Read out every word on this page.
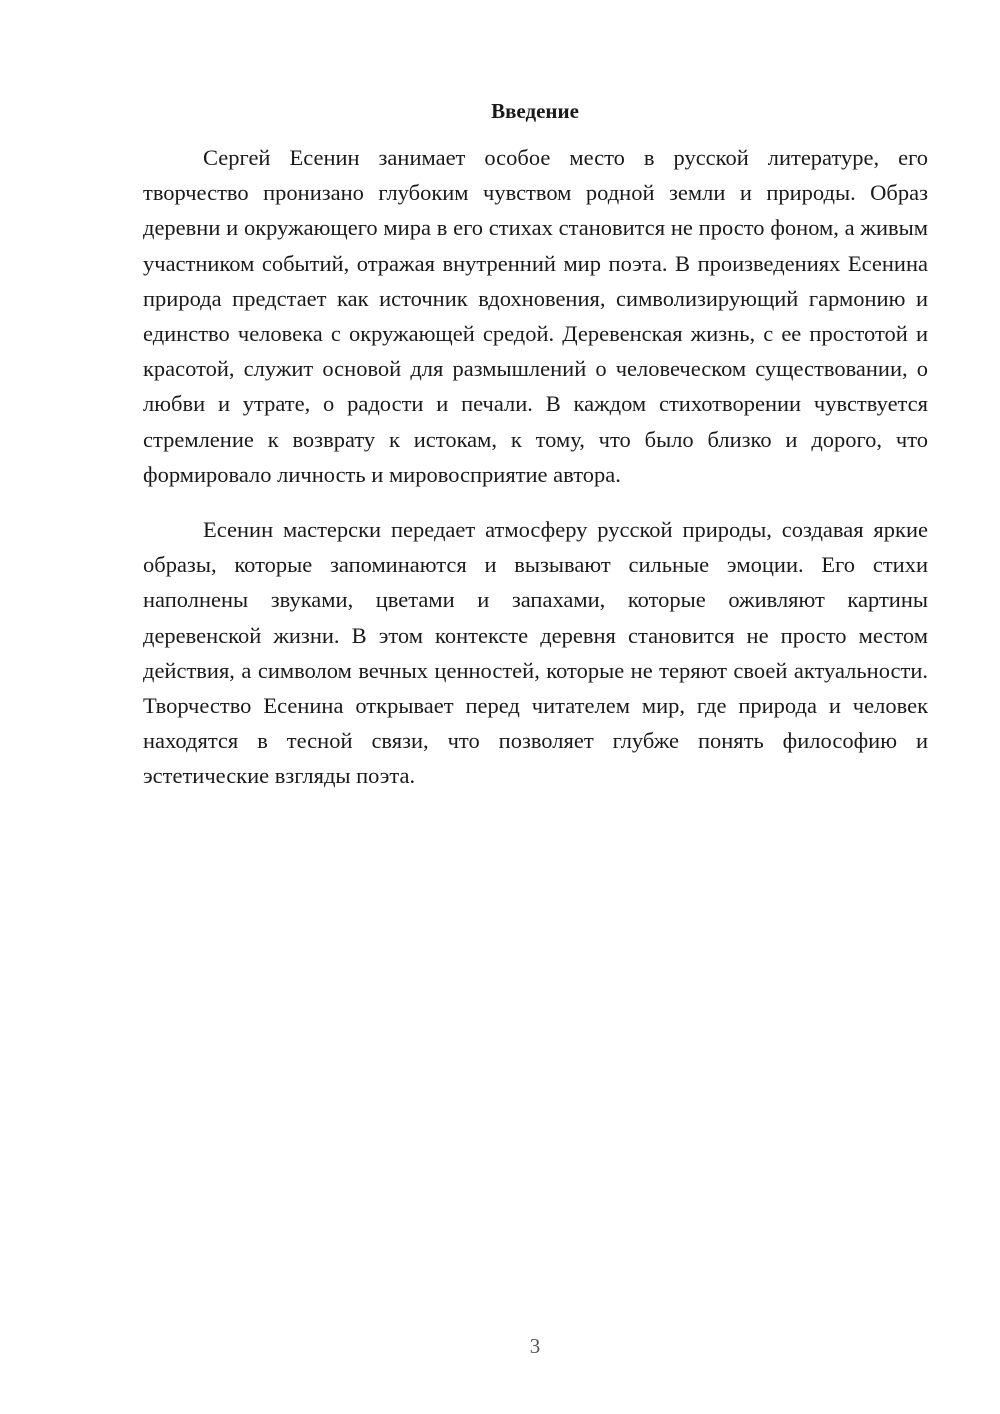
Введение

Сергей Есенин занимает особое место в русской литературе, его творчество пронизано глубоким чувством родной земли и природы. Образ деревни и окружающего мира в его стихах становится не просто фоном, а живым участником событий, отражая внутренний мир поэта. В произведениях Есенина природа предстает как источник вдохновения, символизирующий гармонию и единство человека с окружающей средой. Деревенская жизнь, с ее простотой и красотой, служит основой для размышлений о человеческом существовании, о любви и утрате, о радости и печали. В каждом стихотворении чувствуется стремление к возврату к истокам, к тому, что было близко и дорого, что формировало личность и мировосприятие автора.

Есенин мастерски передает атмосферу русской природы, создавая яркие образы, которые запоминаются и вызывают сильные эмоции. Его стихи наполнены звуками, цветами и запахами, которые оживляют картины деревенской жизни. В этом контексте деревня становится не просто местом действия, а символом вечных ценностей, которые не теряют своей актуальности. Творчество Есенина открывает перед читателем мир, где природа и человек находятся в тесной связи, что позволяет глубже понять философию и эстетические взгляды поэта.

3
